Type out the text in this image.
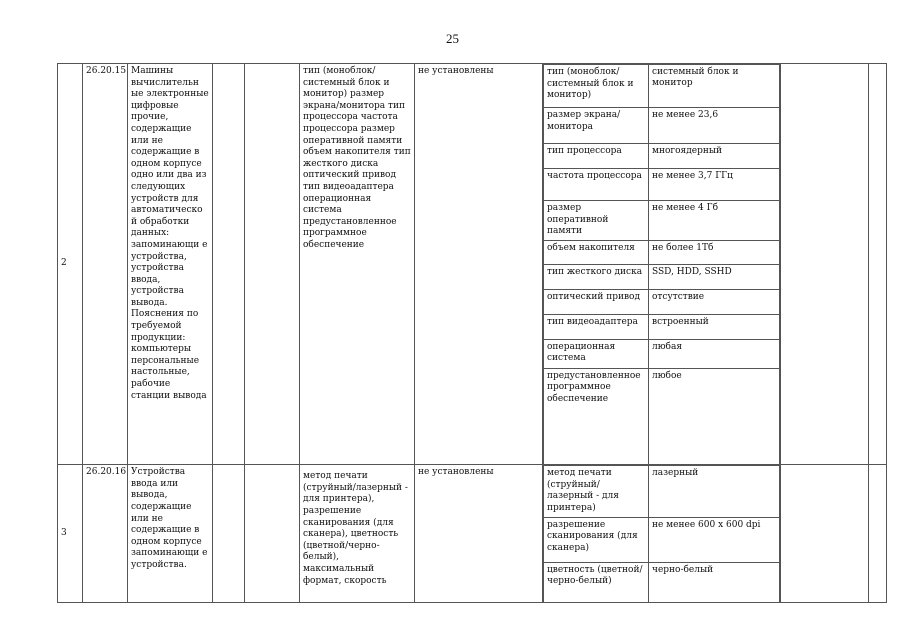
25
2	26.20.15	Машины вычислительн ые электронные цифровые прочие, содержащие или не содержащие в одном корпусе одно или два из следующих устройств для автоматическо й обработки данных: запоминающи е устройства, устройства ввода, устройства вывода. Пояснения по требуемой продукции: компьютеры персональные настольные, рабочие станции вывода			тип (моноблок/системный блок и монитор) размер экрана/монитора тип процессора частота процессора размер оперативной памяти объем накопителя тип жесткого диска оптический привод тип видеоадаптера операционная система предустановленное программное обеспечение	не установлены		тип (моноблок/системный блок и монитор)	системный блок и монитор
размер экрана/монитора	не менее 23,6
тип процессора	многоядерный
частота процессора	не менее 3,7 ГГц
размер оперативной памяти	не менее 4 Гб
объем накопителя	не более 1Тб
тип жесткого диска	SSD, HDD, SSHD
оптический привод	отсутствие
тип видеоадаптера	встроенный
операционная система	любая
предустановленное программное обеспечение	любое

3	26.20.16	Устройства ввода или вывода, содержащие или не содержащие в одном корпусе запоминающи е устройства.			метод печати (струйный/лазерный - для принтера), разрешение сканирования (для сканера), цветность (цветной/черно-белый), максимальный формат, скорость	не установлены		метод печати (струйный/лазерный - для принтера)	лазерный
разрешение сканирования (для сканера)	не менее 600 х 600 dpi
цветность (цветной/черно-белый)	черно-белый
